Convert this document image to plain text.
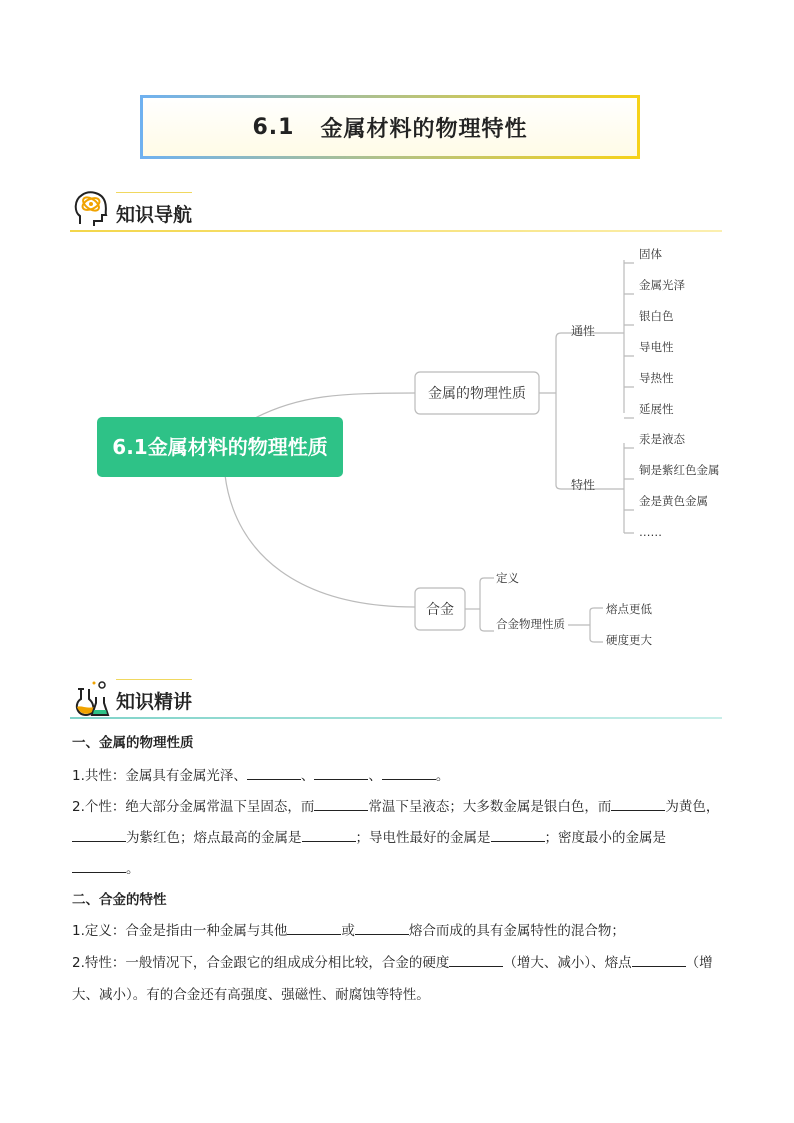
6.1 金属材料的物理特性
知识导航
6.1金属材料的物理性质
金属的物理性质
通性
特性
固体
金属光泽
银白色
导电性
导热性
延展性
汞是液态
铜是紫红色金属
金是黄色金属
……
合金
定义
合金物理性质
熔点更低
硬度更大
知识精讲
一、金属的物理性质
1.共性：金属具有金属光泽、	、	、	。
2.个性：绝大部分金属常温下呈固态，而	常温下呈液态；大多数金属是银白色，而	为黄色，
为紫红色；熔点最高的金属是	；导电性最好的金属是	；密度最小的金属是
。
二、合金的特性
1.定义：合金是指由一种金属与其他	或	熔合而成的具有金属特性的混合物；
2.特性：一般情况下，合金跟它的组成成分相比较，合金的硬度	（增大、减小）、熔点	（增
大、减小）。有的合金还有高强度、强磁性、耐腐蚀等特性。
